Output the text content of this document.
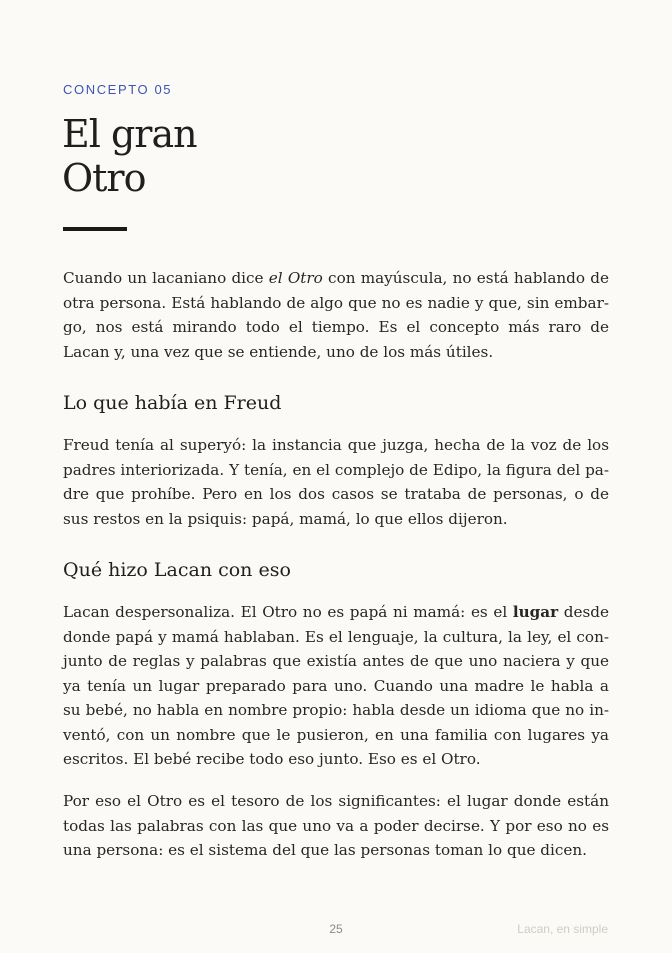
CONCEPTO 05
El gran
Otro

Cuando un lacaniano dice el Otro con mayúscula, no está hablando de otra persona. Está hablando de algo que no es nadie y que, sin embargo, nos está mirando todo el tiempo. Es el concepto más raro de Lacan y, una vez que se entiende, uno de los más útiles.

Lo que había en Freud

Freud tenía al superyó: la instancia que juzga, hecha de la voz de los padres interiorizada. Y tenía, en el complejo de Edipo, la figura del padre que prohíbe. Pero en los dos casos se trataba de personas, o de sus restos en la psiquis: papá, mamá, lo que ellos dijeron.

Qué hizo Lacan con eso

Lacan despersonaliza. El Otro no es papá ni mamá: es el lugar desde donde papá y mamá hablaban. Es el lenguaje, la cultura, la ley, el conjunto de reglas y palabras que existía antes de que uno naciera y que ya tenía un lugar preparado para uno. Cuando una madre le habla a su bebé, no habla en nombre propio: habla desde un idioma que no inventó, con un nombre que le pusieron, en una familia con lugares ya escritos. El bebé recibe todo eso junto. Eso es el Otro.

Por eso el Otro es el tesoro de los significantes: el lugar donde están todas las palabras con las que uno va a poder decirse. Y por eso no es una persona: es el sistema del que las personas toman lo que dicen.

25	Lacan, en simple
